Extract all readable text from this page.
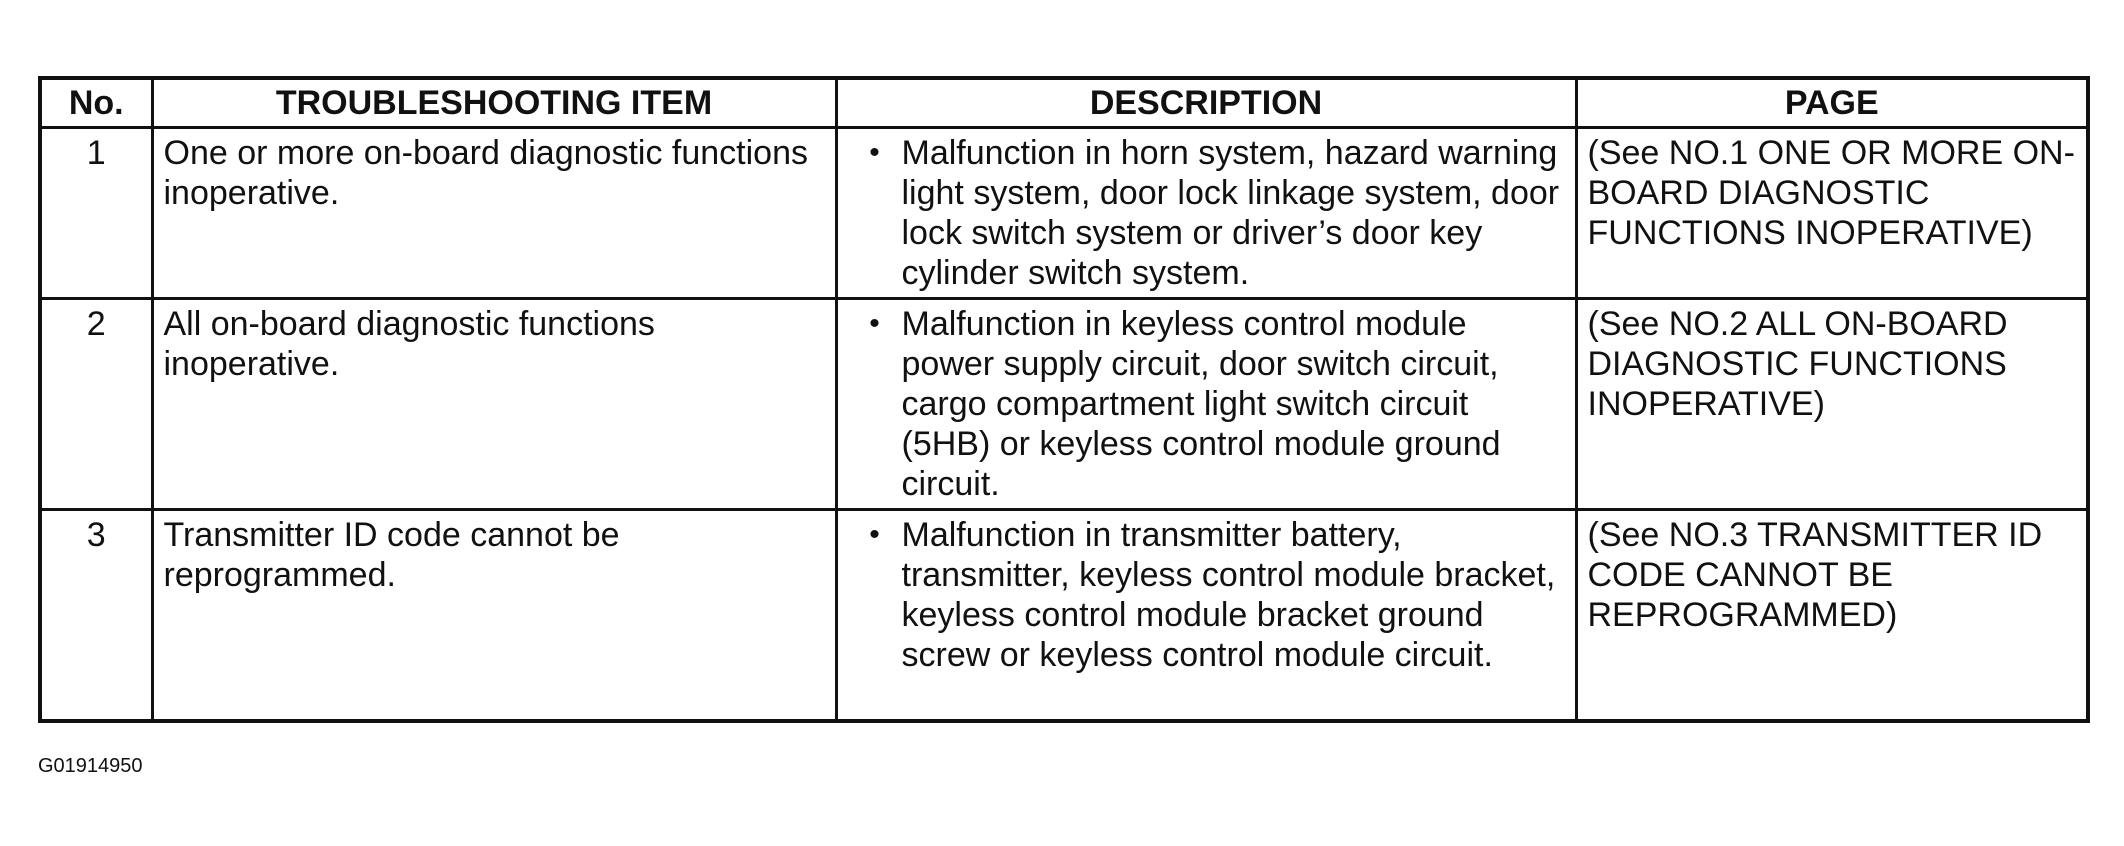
No.	TROUBLESHOOTING ITEM	DESCRIPTION	PAGE
1	One or more on-board diagnostic functions inoperative.	• Malfunction in horn system, hazard warning light system, door lock linkage system, door lock switch system or driver’s door key cylinder switch system.	(See NO.1 ONE OR MORE ON-BOARD DIAGNOSTIC FUNCTIONS INOPERATIVE)
2	All on-board diagnostic functions inoperative.	• Malfunction in keyless control module power supply circuit, door switch circuit, cargo compartment light switch circuit (5HB) or keyless control module ground circuit.	(See NO.2 ALL ON-BOARD DIAGNOSTIC FUNCTIONS INOPERATIVE)
3	Transmitter ID code cannot be reprogrammed.	• Malfunction in transmitter battery, transmitter, keyless control module bracket, keyless control module bracket ground screw or keyless control module circuit.	(See NO.3 TRANSMITTER ID CODE CANNOT BE REPROGRAMMED)
G01914950
